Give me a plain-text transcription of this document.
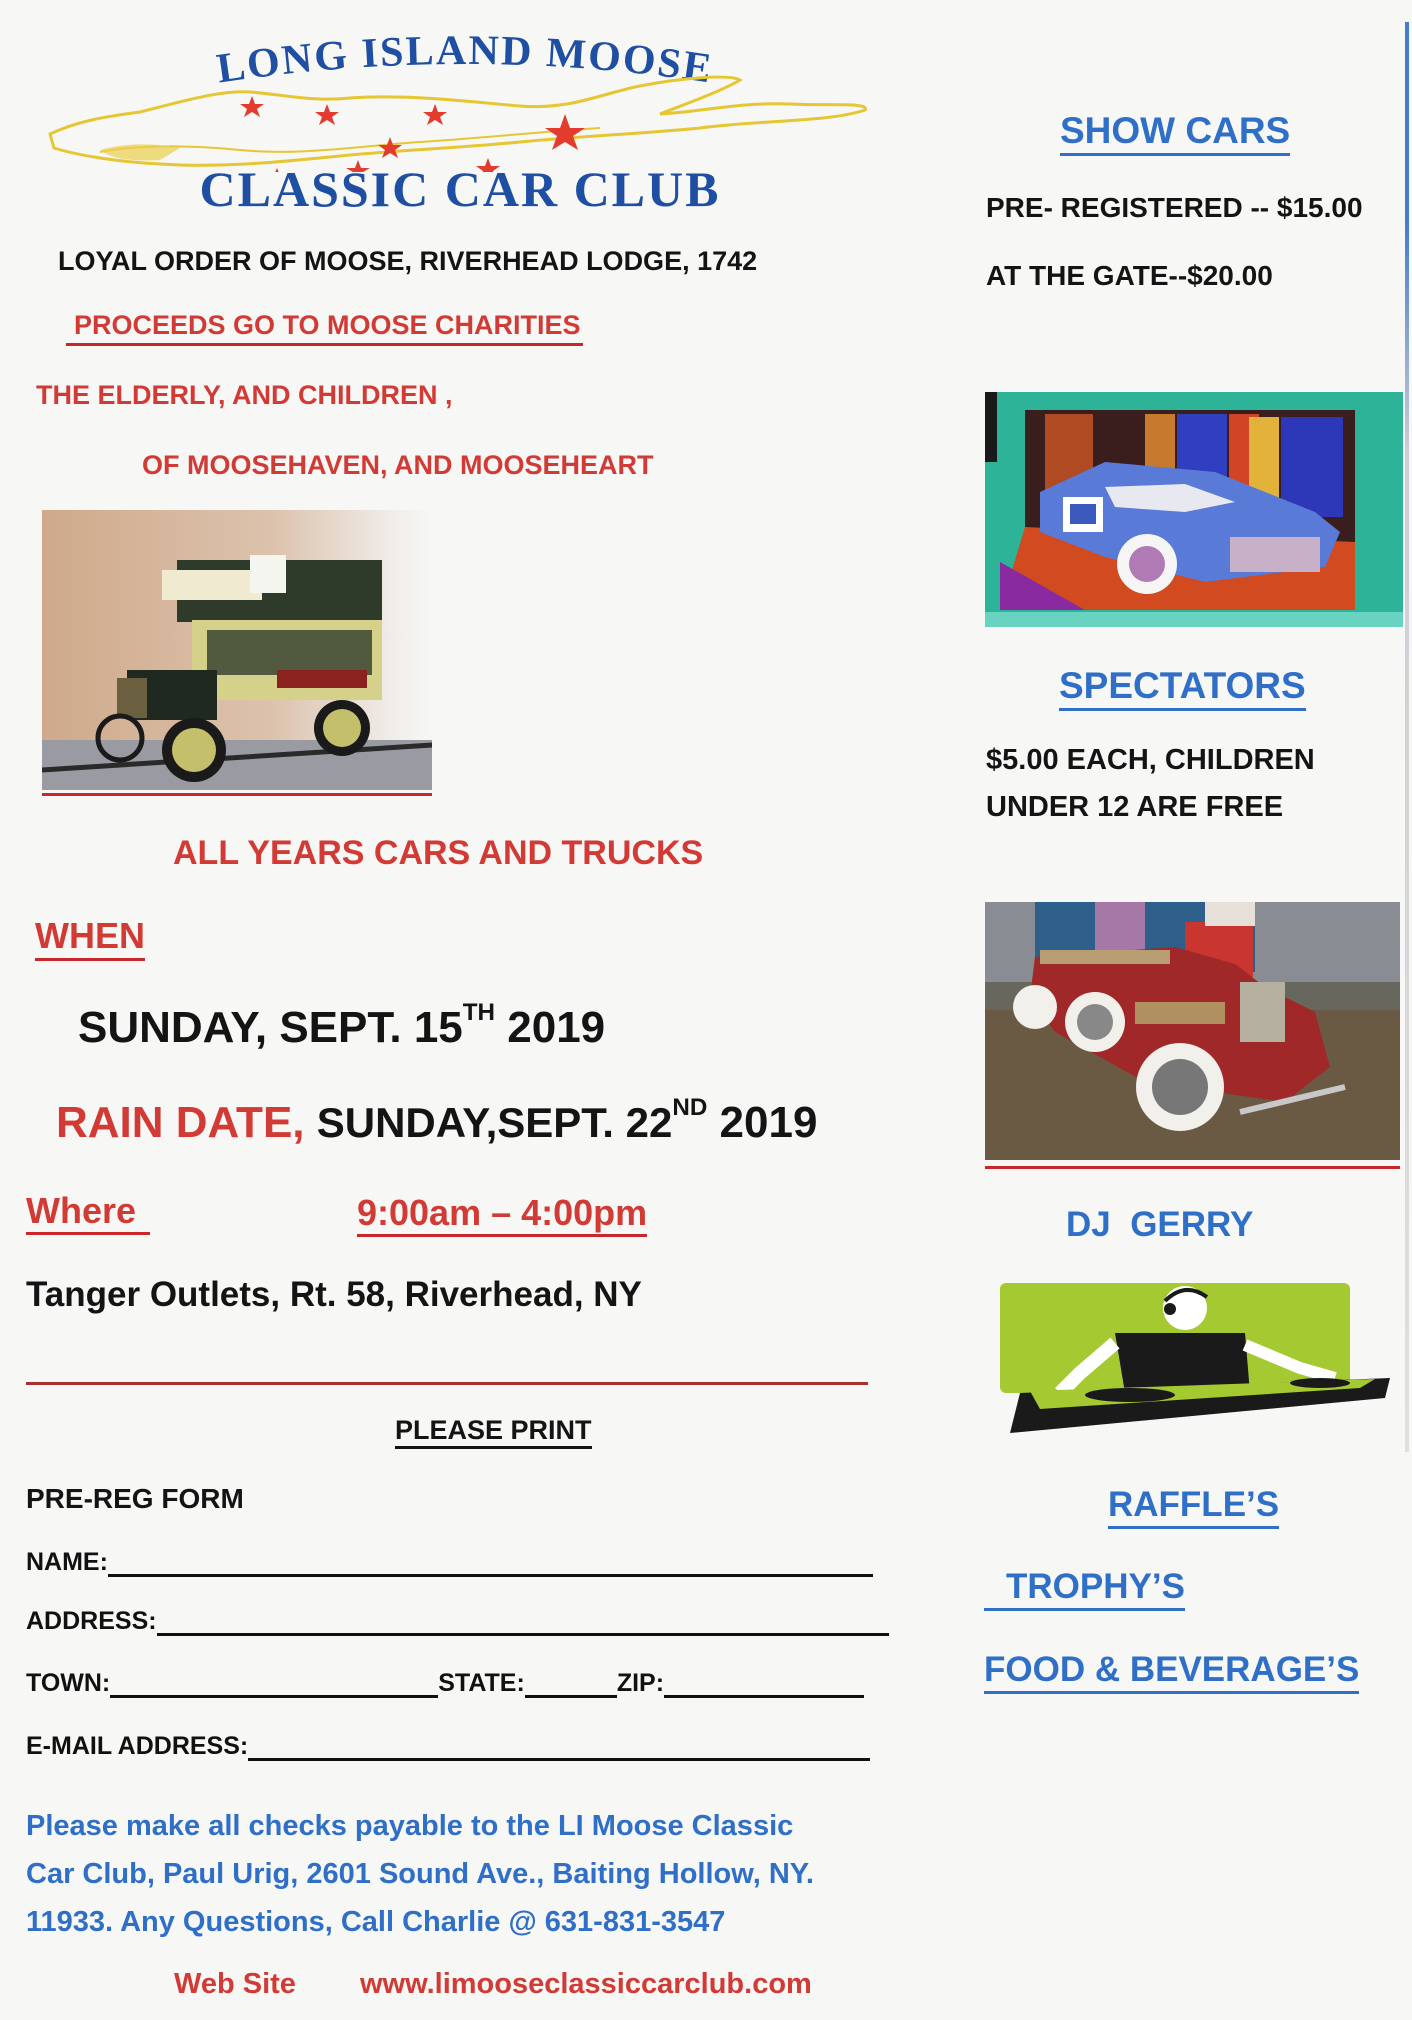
LONG ISLAND MOOSE
CLASSIC CAR CLUB
LOYAL ORDER OF MOOSE, RIVERHEAD LODGE, 1742
PROCEEDS GO TO MOOSE CHARITIES
THE ELDERLY, AND CHILDREN ,
OF MOOSEHAVEN, AND MOOSEHEART
ALL YEARS CARS AND TRUCKS
WHEN
SUNDAY, SEPT. 15TH 2019
RAIN DATE, SUNDAY,SEPT. 22ND 2019
Where	9:00am – 4:00pm
Tanger Outlets, Rt. 58, Riverhead, NY
PLEASE PRINT
PRE-REG FORM
NAME:
ADDRESS:
TOWN:	STATE:	ZIP:
E-MAIL ADDRESS:
Please make all checks payable to the LI Moose Classic
Car Club, Paul Urig, 2601 Sound Ave., Baiting Hollow, NY.
11933. Any Questions, Call Charlie @ 631-831-3547
Web Site www.limooseclassiccarclub.com
SHOW CARS
PRE- REGISTERED -- $15.00
AT THE GATE--$20.00
SPECTATORS
$5.00 EACH, CHILDREN
UNDER 12 ARE FREE
DJ  GERRY
RAFFLE’S
TROPHY’S
FOOD & BEVERAGE’S
